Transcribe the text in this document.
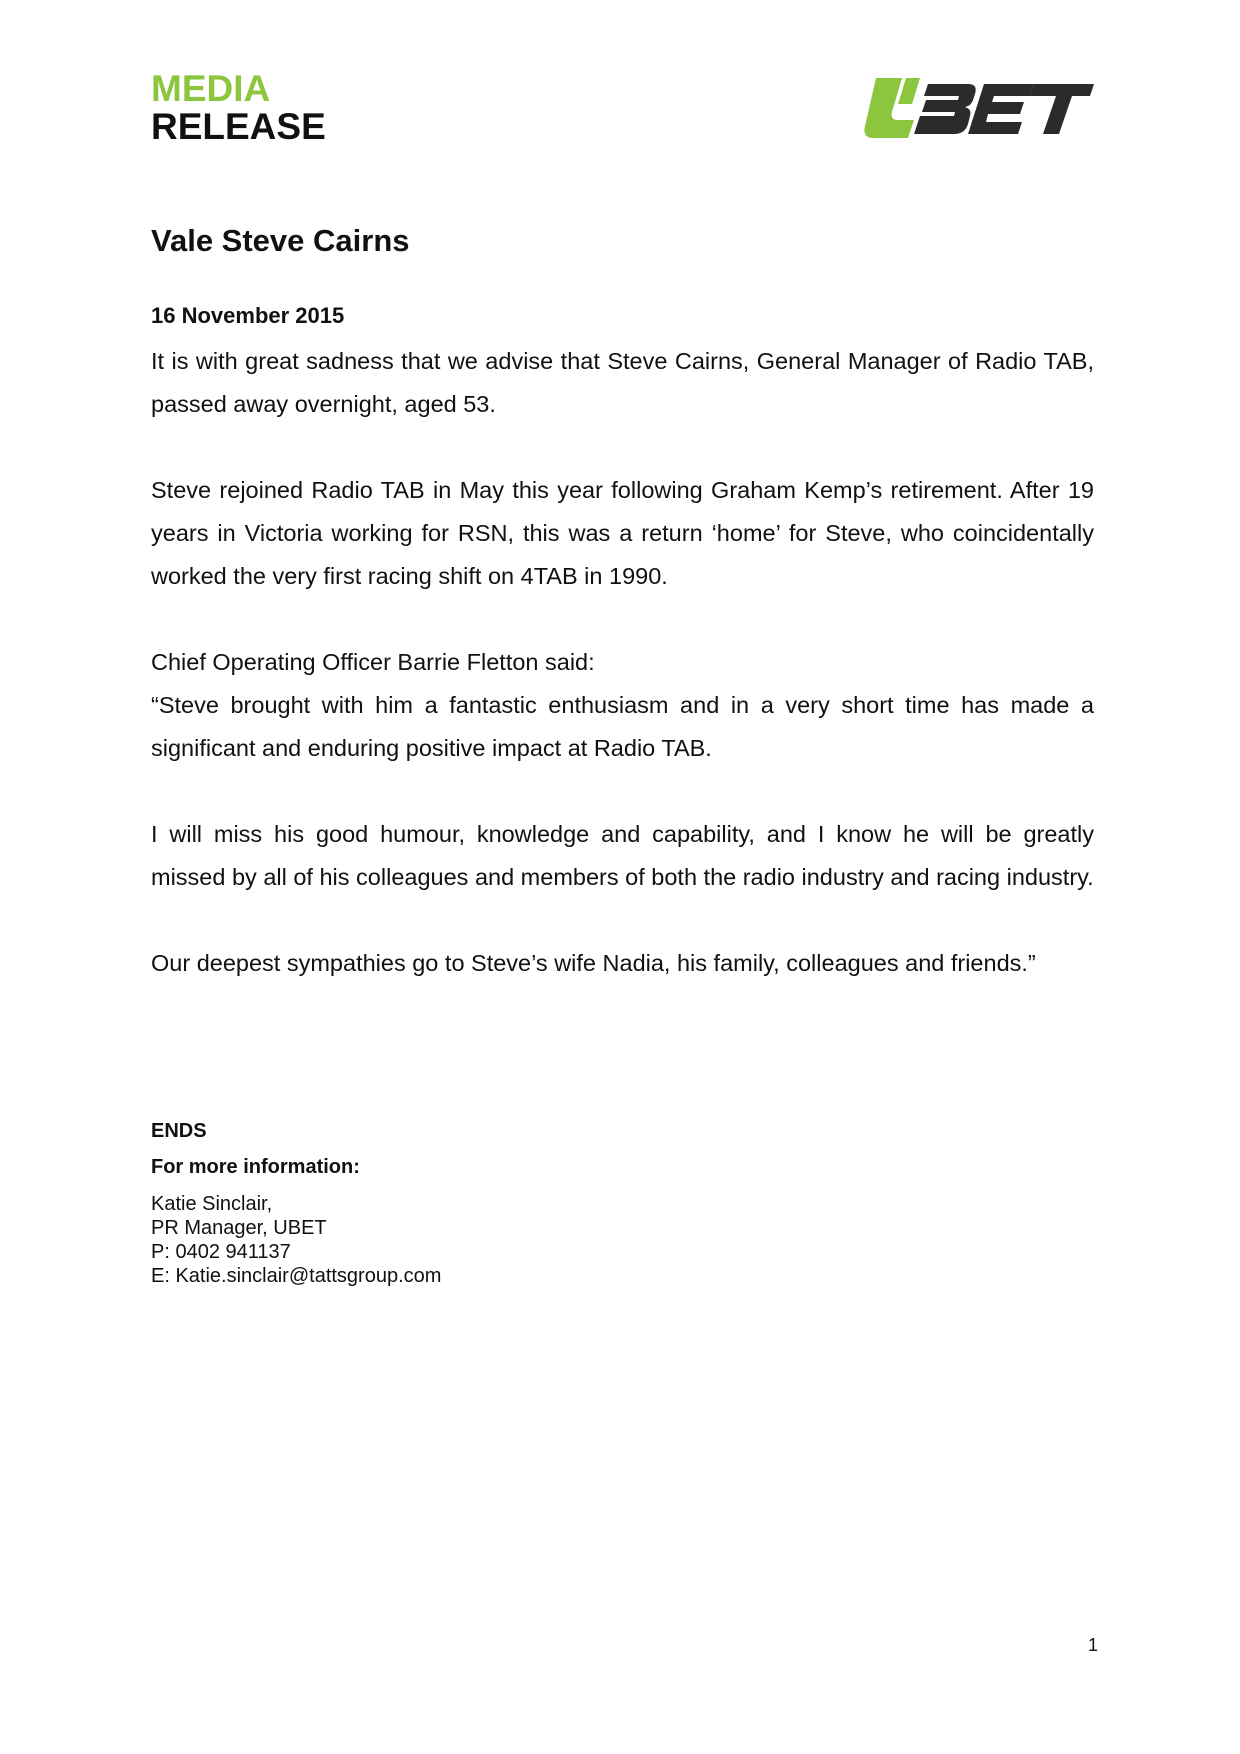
MEDIA
RELEASE
Vale Steve Cairns
16 November 2015

It is with great sadness that we advise that Steve Cairns, General Manager of Radio TAB, passed away overnight, aged 53.

Steve rejoined Radio TAB in May this year following Graham Kemp’s retirement. After 19 years in Victoria working for RSN, this was a return ‘home’ for Steve, who coincidentally worked the very first racing shift on 4TAB in 1990.

Chief Operating Officer Barrie Fletton said:

“Steve brought with him a fantastic enthusiasm and in a very short time has made a significant and enduring positive impact at Radio TAB.

I will miss his good humour, knowledge and capability, and I know he will be greatly missed by all of his colleagues and members of both the radio industry and racing industry.

Our deepest sympathies go to Steve’s wife Nadia, his family, colleagues and friends.”

ENDS
For more information:
Katie Sinclair,
PR Manager, UBET
P: 0402 941137
E: Katie.sinclair@tattsgroup.com
1
